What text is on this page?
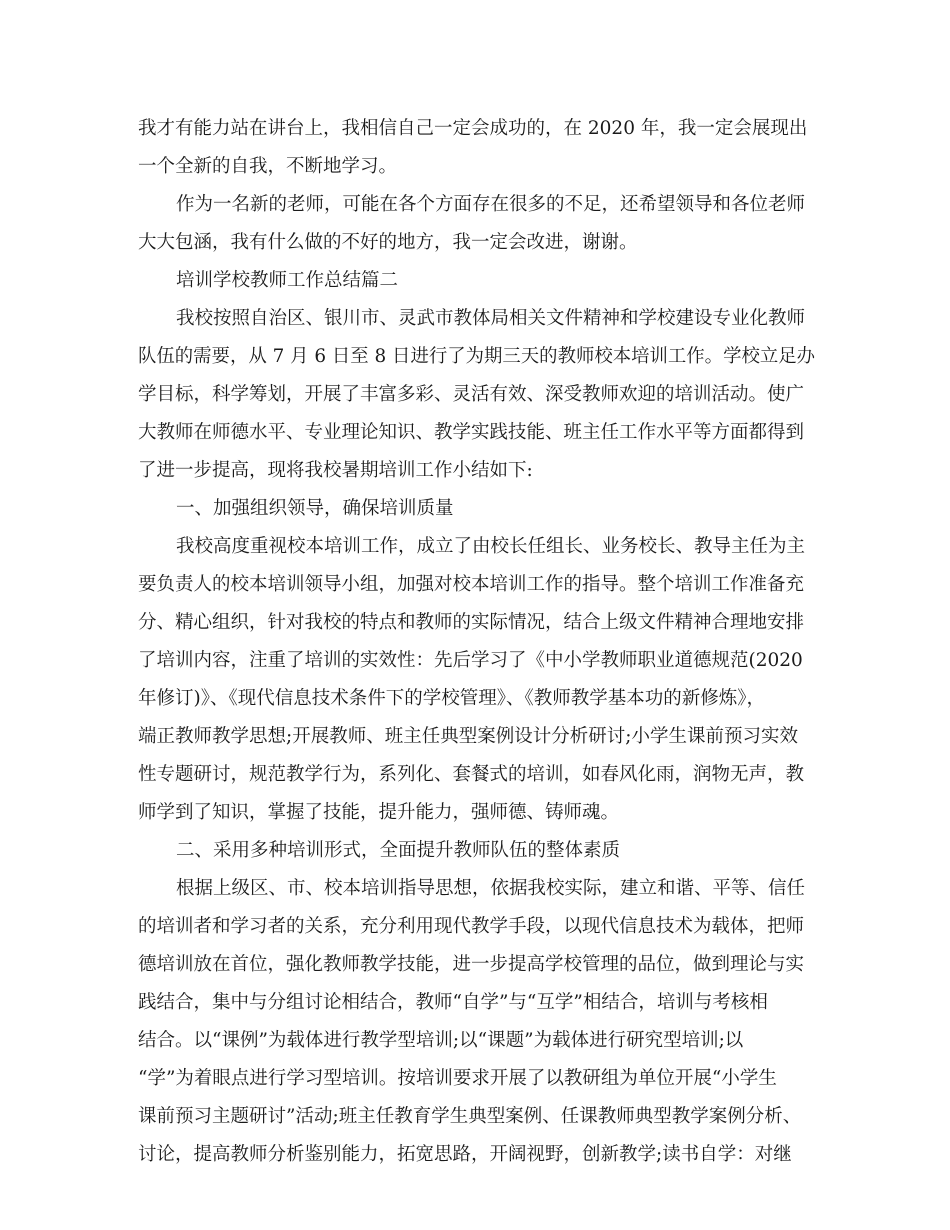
我才有能力站在讲台上，我相信自己一定会成功的，在 2020 年，我一定会展现出
一个全新的自我，不断地学习。
作为一名新的老师，可能在各个方面存在很多的不足，还希望领导和各位老师
大大包涵，我有什么做的不好的地方，我一定会改进，谢谢。
培训学校教师工作总结篇二
我校按照自治区、银川市、灵武市教体局相关文件精神和学校建设专业化教师
队伍的需要，从 7 月 6 日至 8 日进行了为期三天的教师校本培训工作。学校立足办
学目标，科学筹划，开展了丰富多彩、灵活有效、深受教师欢迎的培训活动。使广
大教师在师德水平、专业理论知识、教学实践技能、班主任工作水平等方面都得到
了进一步提高，现将我校暑期培训工作小结如下:
一、加强组织领导，确保培训质量
我校高度重视校本培训工作，成立了由校长任组长、业务校长、教导主任为主
要负责人的校本培训领导小组，加强对校本培训工作的指导。整个培训工作准备充
分、精心组织，针对我校的特点和教师的实际情况，结合上级文件精神合理地安排
了培训内容，注重了培训的实效性：先后学习了《中小学教师职业道德规范(2020
年修订)》、《现代信息技术条件下的学校管理》、《教师教学基本功的新修炼》，
端正教师教学思想;开展教师、班主任典型案例设计分析研讨;小学生课前预习实效
性专题研讨，规范教学行为，系列化、套餐式的培训，如春风化雨，润物无声，教
师学到了知识，掌握了技能，提升能力，强师德、铸师魂。
二、采用多种培训形式，全面提升教师队伍的整体素质
根据上级区、市、校本培训指导思想，依据我校实际，建立和谐、平等、信任
的培训者和学习者的关系，充分利用现代教学手段，以现代信息技术为载体，把师
德培训放在首位，强化教师教学技能，进一步提高学校管理的品位，做到理论与实
践结合，集中与分组讨论相结合，教师“自学”与“互学”相结合，培训与考核相
结合。以“课例”为载体进行教学型培训;以“课题”为载体进行研究型培训;以
“学”为着眼点进行学习型培训。按培训要求开展了以教研组为单位开展“小学生
课前预习主题研讨”活动;班主任教育学生典型案例、任课教师典型教学案例分析、
讨论，提高教师分析鉴别能力，拓宽思路，开阔视野，创新教学;读书自学：对继
